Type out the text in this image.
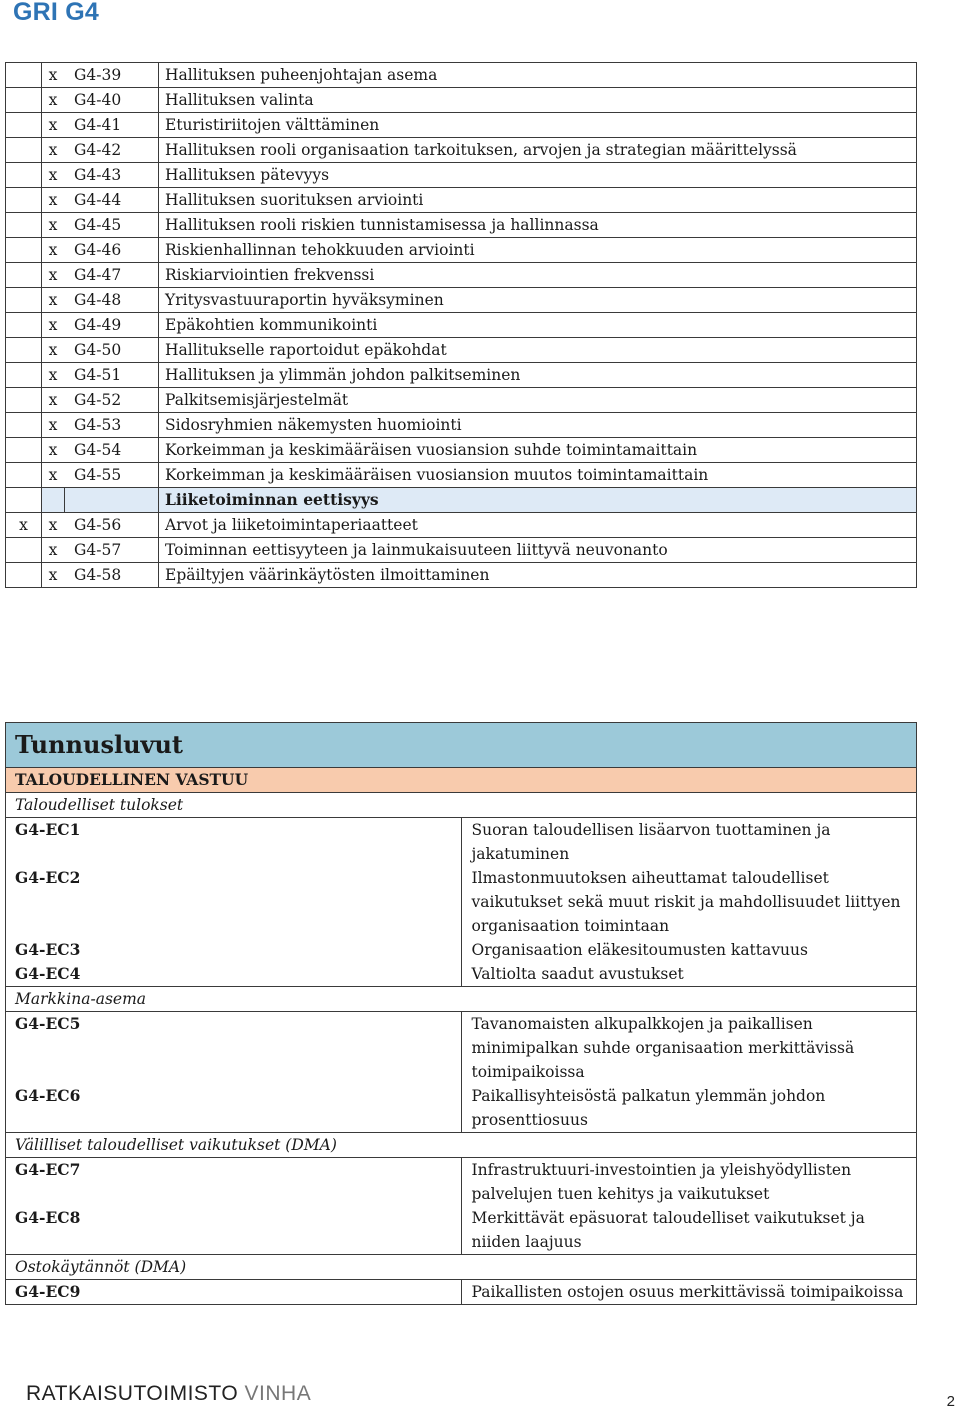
GRI G4
	x	G4-39	Hallituksen puheenjohtajan asema
	x	G4-40	Hallituksen valinta
	x	G4-41	Eturistiriitojen välttäminen
	x	G4-42	Hallituksen rooli organisaation tarkoituksen, arvojen ja strategian määrittelyssä
	x	G4-43	Hallituksen pätevyys
	x	G4-44	Hallituksen suorituksen arviointi
	x	G4-45	Hallituksen rooli riskien tunnistamisessa ja hallinnassa
	x	G4-46	Riskienhallinnan tehokkuuden arviointi
	x	G4-47	Riskiarviointien frekvenssi
	x	G4-48	Yritysvastuuraportin hyväksyminen
	x	G4-49	Epäkohtien kommunikointi
	x	G4-50	Hallitukselle raportoidut epäkohdat
	x	G4-51	Hallituksen ja ylimmän johdon palkitseminen
	x	G4-52	Palkitsemisjärjestelmät
	x	G4-53	Sidosryhmien näkemysten huomiointi
	x	G4-54	Korkeimman ja keskimääräisen vuosiansion suhde toimintamaittain
	x	G4-55	Korkeimman ja keskimääräisen vuosiansion muutos toimintamaittain
			Liiketoiminnan eettisyys
x	x	G4-56	Arvot ja liiketoimintaperiaatteet
	x	G4-57	Toiminnan eettisyyteen ja lainmukaisuuteen liittyvä neuvonanto
	x	G4-58	Epäiltyjen väärinkäytösten ilmoittaminen
Tunnusluvut	
TALOUDELLINEN VASTUU	
Taloudelliset tulokset	
G4-EC1	Suoran taloudellisen lisäarvon tuottaminen ja jakatuminen
G4-EC2	Ilmastonmuutoksen aiheuttamat taloudelliset vaikutukset sekä muut riskit ja mahdollisuudet liittyen organisaation toimintaan
G4-EC3	Organisaation eläkesitoumusten kattavuus
G4-EC4	Valtiolta saadut avustukset
Markkina-asema	
G4-EC5	Tavanomaisten alkupalkkojen ja paikallisen minimipalkan suhde organisaation merkittävissä toimipaikoissa
G4-EC6	Paikallisyhteisöstä palkatun ylemmän johdon prosenttiosuus
Välilliset taloudelliset vaikutukset (DMA)	
G4-EC7	Infrastruktuuri-investointien ja yleishyödyllisten palvelujen tuen kehitys ja vaikutukset
G4-EC8	Merkittävät epäsuorat taloudelliset vaikutukset ja niiden laajuus
Ostokäytännöt (DMA)	
G4-EC9	Paikallisten ostojen osuus merkittävissä toimipaikoissa
RATKAISUTOIMISTO VINHA	2
